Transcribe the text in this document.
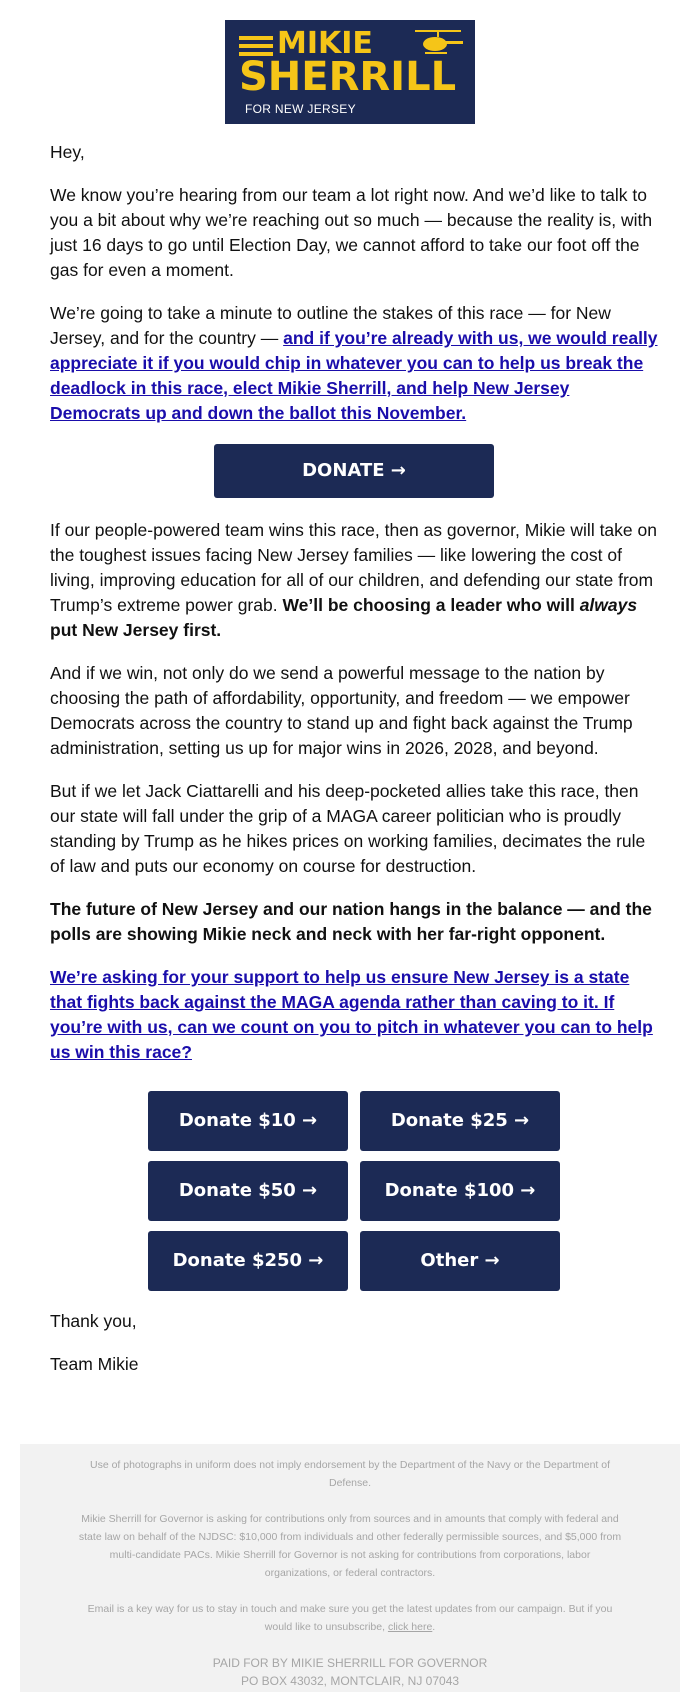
MIKIE
SHERRILL
FOR NEW JERSEY

Hey,

We know you’re hearing from our team a lot right now. And we’d like to talk to you a bit about why we’re reaching out so much — because the reality is, with just 16 days to go until Election Day, we cannot afford to take our foot off the gas for even a moment.

We’re going to take a minute to outline the stakes of this race — for New Jersey, and for the country — and if you’re already with us, we would really appreciate it if you would chip in whatever you can to help us break the deadlock in this race, elect Mikie Sherrill, and help New Jersey Democrats up and down the ballot this November.

DONATE →

If our people-powered team wins this race, then as governor, Mikie will take on the toughest issues facing New Jersey families — like lowering the cost of living, improving education for all of our children, and defending our state from Trump’s extreme power grab. We’ll be choosing a leader who will always put New Jersey first.

And if we win, not only do we send a powerful message to the nation by choosing the path of affordability, opportunity, and freedom — we empower Democrats across the country to stand up and fight back against the Trump administration, setting us up for major wins in 2026, 2028, and beyond.

But if we let Jack Ciattarelli and his deep-pocketed allies take this race, then our state will fall under the grip of a MAGA career politician who is proudly standing by Trump as he hikes prices on working families, decimates the rule of law and puts our economy on course for destruction.

The future of New Jersey and our nation hangs in the balance — and the polls are showing Mikie neck and neck with her far-right opponent.

We’re asking for your support to help us ensure New Jersey is a state that fights back against the MAGA agenda rather than caving to it. If you’re with us, can we count on you to pitch in whatever you can to help us win this race?

Donate $10 →	Donate $25 →
Donate $50 →	Donate $100 →
Donate $250 →	Other →

Thank you,

Team Mikie

Use of photographs in uniform does not imply endorsement by the Department of the Navy or the Department of Defense.

Mikie Sherrill for Governor is asking for contributions only from sources and in amounts that comply with federal and state law on behalf of the NJDSC: $10,000 from individuals and other federally permissible sources, and $5,000 from multi-candidate PACs. Mikie Sherrill for Governor is not asking for contributions from corporations, labor organizations, or federal contractors.

Email is a key way for us to stay in touch and make sure you get the latest updates from our campaign. But if you would like to unsubscribe, click here.

PAID FOR BY MIKIE SHERRILL FOR GOVERNOR
PO BOX 43032, MONTCLAIR, NJ 07043
